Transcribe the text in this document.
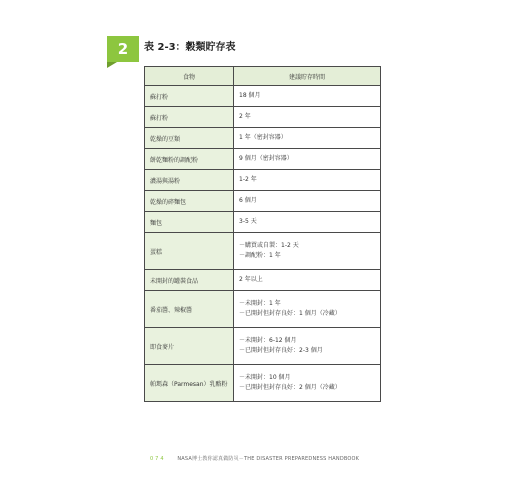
2	表 2-3：穀類貯存表
食物	建議貯存時間
蘇打粉	18 個月

蘇打粉	2 年

乾燥的豆類	1 年（密封容器）

餅乾麵粉的調配粉	9 個月（密封容器）

濃湯與湯粉	1-2 年

乾燥的碎麵包	6 個月

麵包	3-5 天

蛋糕	－購買或自製：1-2 天
－調配粉：1 年

未開封的罐裝食品	2 年以上

番茄醬、辣椒醬	－未開封：1 年
－已開封但封存良好：1 個月（冷藏）

即食麥片	－未開封：6-12 個月
－已開封但封存良好：2-3 個月

帕瑪森（Parmesan）乳酪粉	－未開封：10 個月
－已開封但封存良好：2 個月（冷藏）
074 NASA博士教你認真做防災－THE DISASTER PREPAREDNESS HANDBOOK
